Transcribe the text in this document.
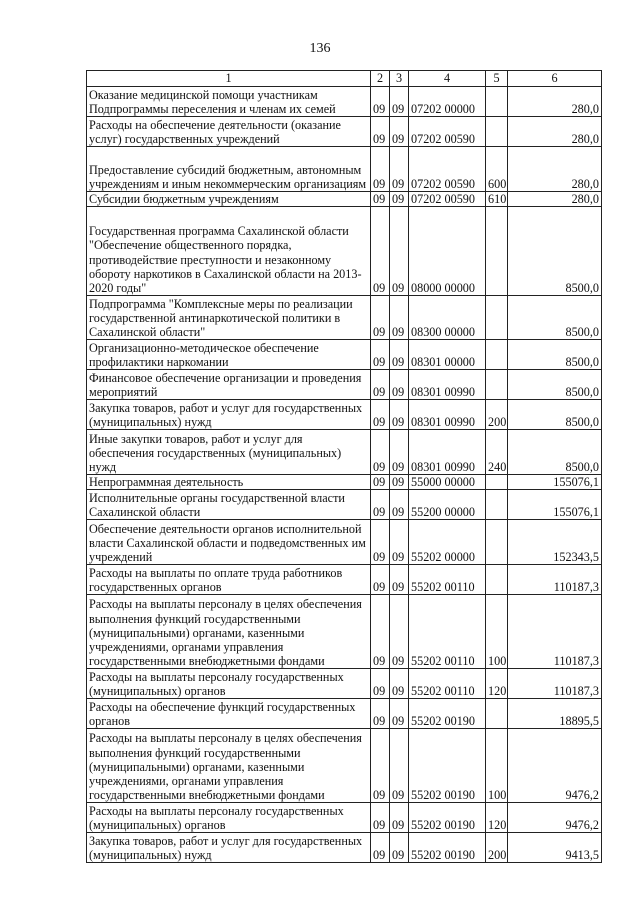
136
1	2	3	4	5	6
Оказание медицинской помощи участникам Подпрограммы переселения и членам их семей	09	09	07202 00000		280,0
Расходы на обеспечение деятельности (оказание услуг) государственных учреждений	09	09	07202 00590		280,0
Предоставление субсидий бюджетным, автономным учреждениям и иным некоммерческим организациям	09	09	07202 00590	600	280,0
Субсидии бюджетным учреждениям	09	09	07202 00590	610	280,0
Государственная программа Сахалинской области "Обеспечение общественного порядка, противодействие преступности и незаконному обороту наркотиков в Сахалинской области на 2013-2020 годы"	09	09	08000 00000		8500,0
Подпрограмма "Комплексные меры по реализации государственной антинаркотической политики в Сахалинской области"	09	09	08300 00000		8500,0
Организационно-методическое обеспечение профилактики наркомании	09	09	08301 00000		8500,0
Финансовое обеспечение организации и проведения мероприятий	09	09	08301 00990		8500,0
Закупка товаров, работ и услуг для государственных (муниципальных) нужд	09	09	08301 00990	200	8500,0
Иные закупки товаров, работ и услуг для обеспечения государственных (муниципальных) нужд	09	09	08301 00990	240	8500,0
Непрограммная деятельность	09	09	55000 00000		155076,1
Исполнительные органы государственной власти Сахалинской области	09	09	55200 00000		155076,1
Обеспечение деятельности органов исполнительной власти Сахалинской области и подведомственных им учреждений	09	09	55202 00000		152343,5
Расходы на выплаты по оплате труда работников государственных органов	09	09	55202 00110		110187,3
Расходы на выплаты персоналу в целях обеспечения выполнения функций государственными (муниципальными) органами, казенными учреждениями, органами управления государственными внебюджетными фондами	09	09	55202 00110	100	110187,3
Расходы на выплаты персоналу государственных (муниципальных) органов	09	09	55202 00110	120	110187,3
Расходы на обеспечение функций государственных органов	09	09	55202 00190		18895,5
Расходы на выплаты персоналу в целях обеспечения выполнения функций государственными (муниципальными) органами, казенными учреждениями, органами управления государственными внебюджетными фондами	09	09	55202 00190	100	9476,2
Расходы на выплаты персоналу государственных (муниципальных) органов	09	09	55202 00190	120	9476,2
Закупка товаров, работ и услуг для государственных (муниципальных) нужд	09	09	55202 00190	200	9413,5
